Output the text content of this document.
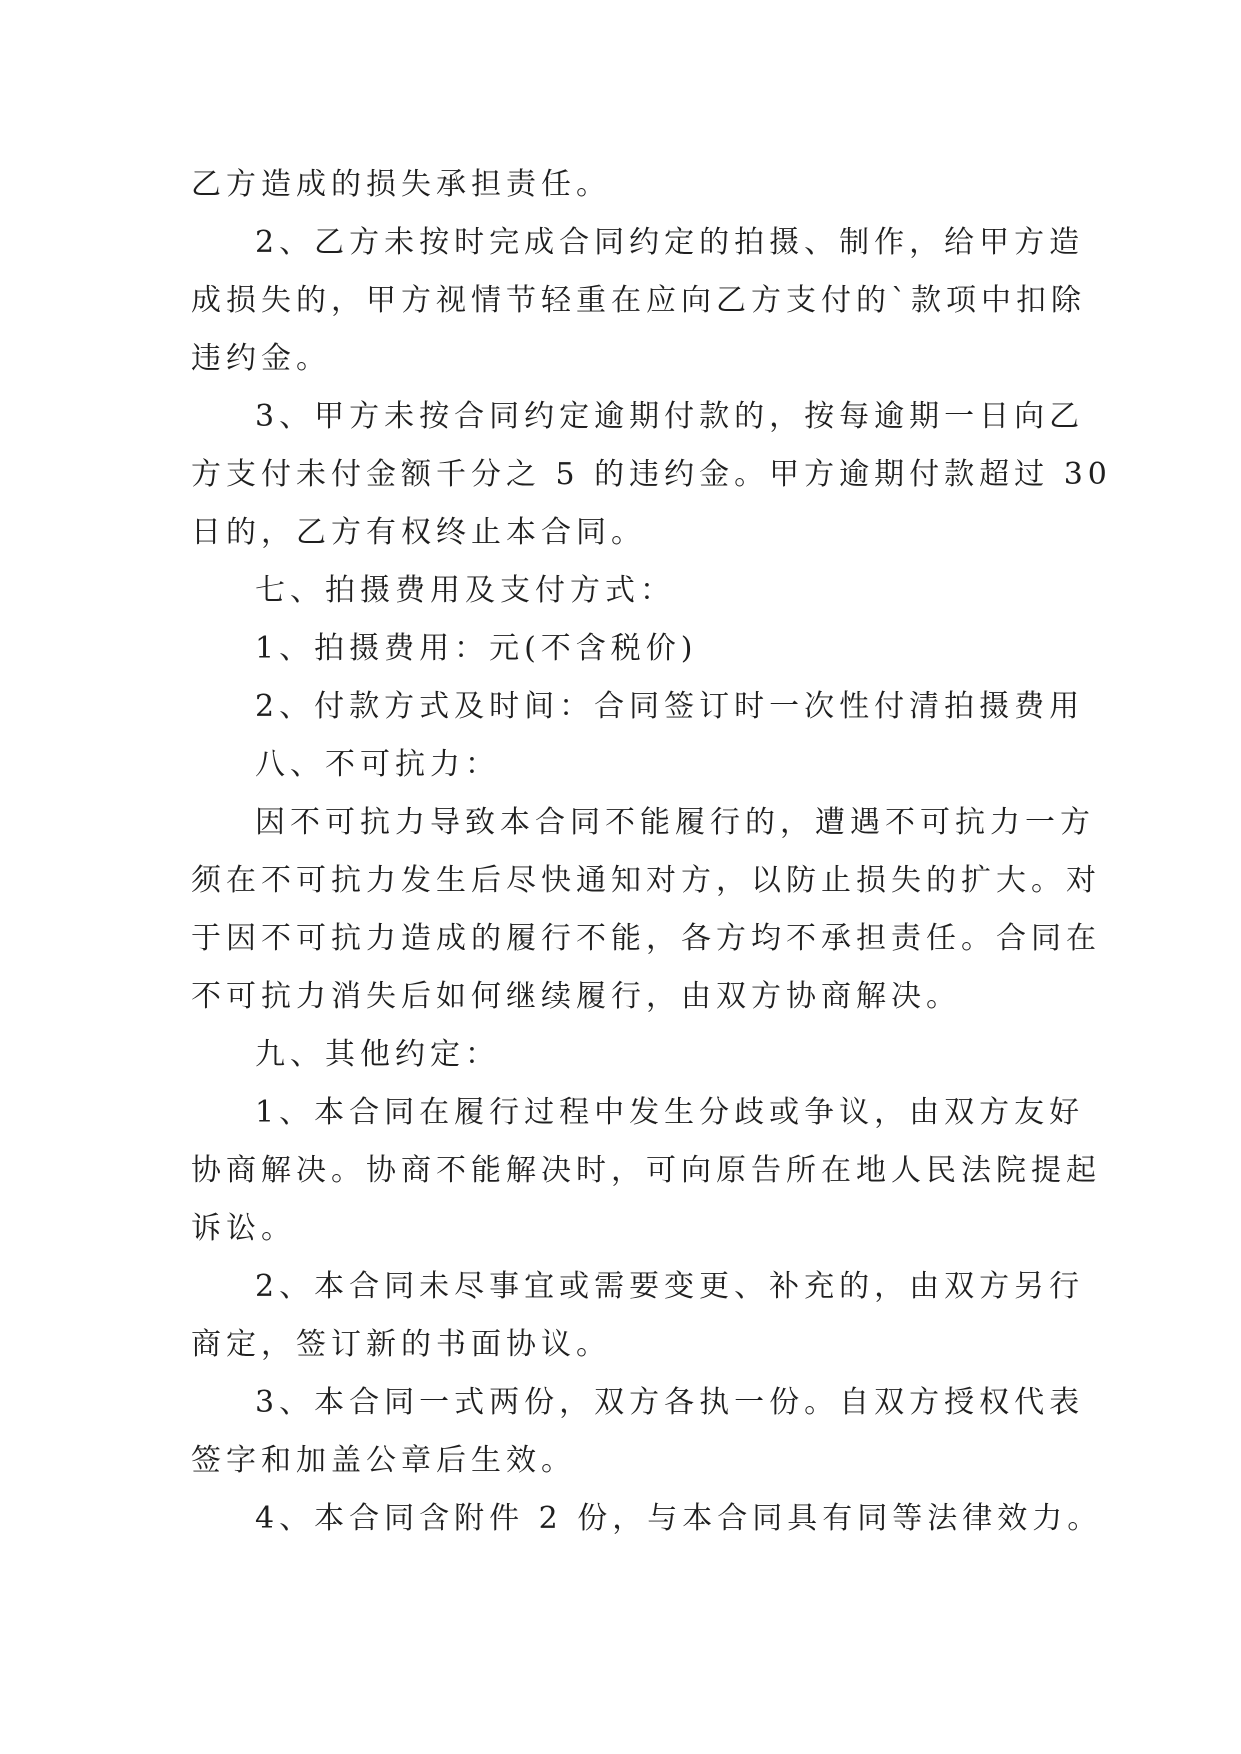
乙方造成的损失承担责任。
2、乙方未按时完成合同约定的拍摄、制作，给甲方造
成损失的，甲方视情节轻重在应向乙方支付的`款项中扣除
违约金。
3、甲方未按合同约定逾期付款的，按每逾期一日向乙
方支付未付金额千分之 5 的违约金。甲方逾期付款超过 30
日的，乙方有权终止本合同。
七、拍摄费用及支付方式：
1、拍摄费用：元(不含税价)
2、付款方式及时间：合同签订时一次性付清拍摄费用
八、不可抗力：
因不可抗力导致本合同不能履行的，遭遇不可抗力一方
须在不可抗力发生后尽快通知对方，以防止损失的扩大。对
于因不可抗力造成的履行不能，各方均不承担责任。合同在
不可抗力消失后如何继续履行，由双方协商解决。
九、其他约定：
1、本合同在履行过程中发生分歧或争议，由双方友好
协商解决。协商不能解决时，可向原告所在地人民法院提起
诉讼。
2、本合同未尽事宜或需要变更、补充的，由双方另行
商定，签订新的书面协议。
3、本合同一式两份，双方各执一份。自双方授权代表
签字和加盖公章后生效。
4、本合同含附件 2 份，与本合同具有同等法律效力。
